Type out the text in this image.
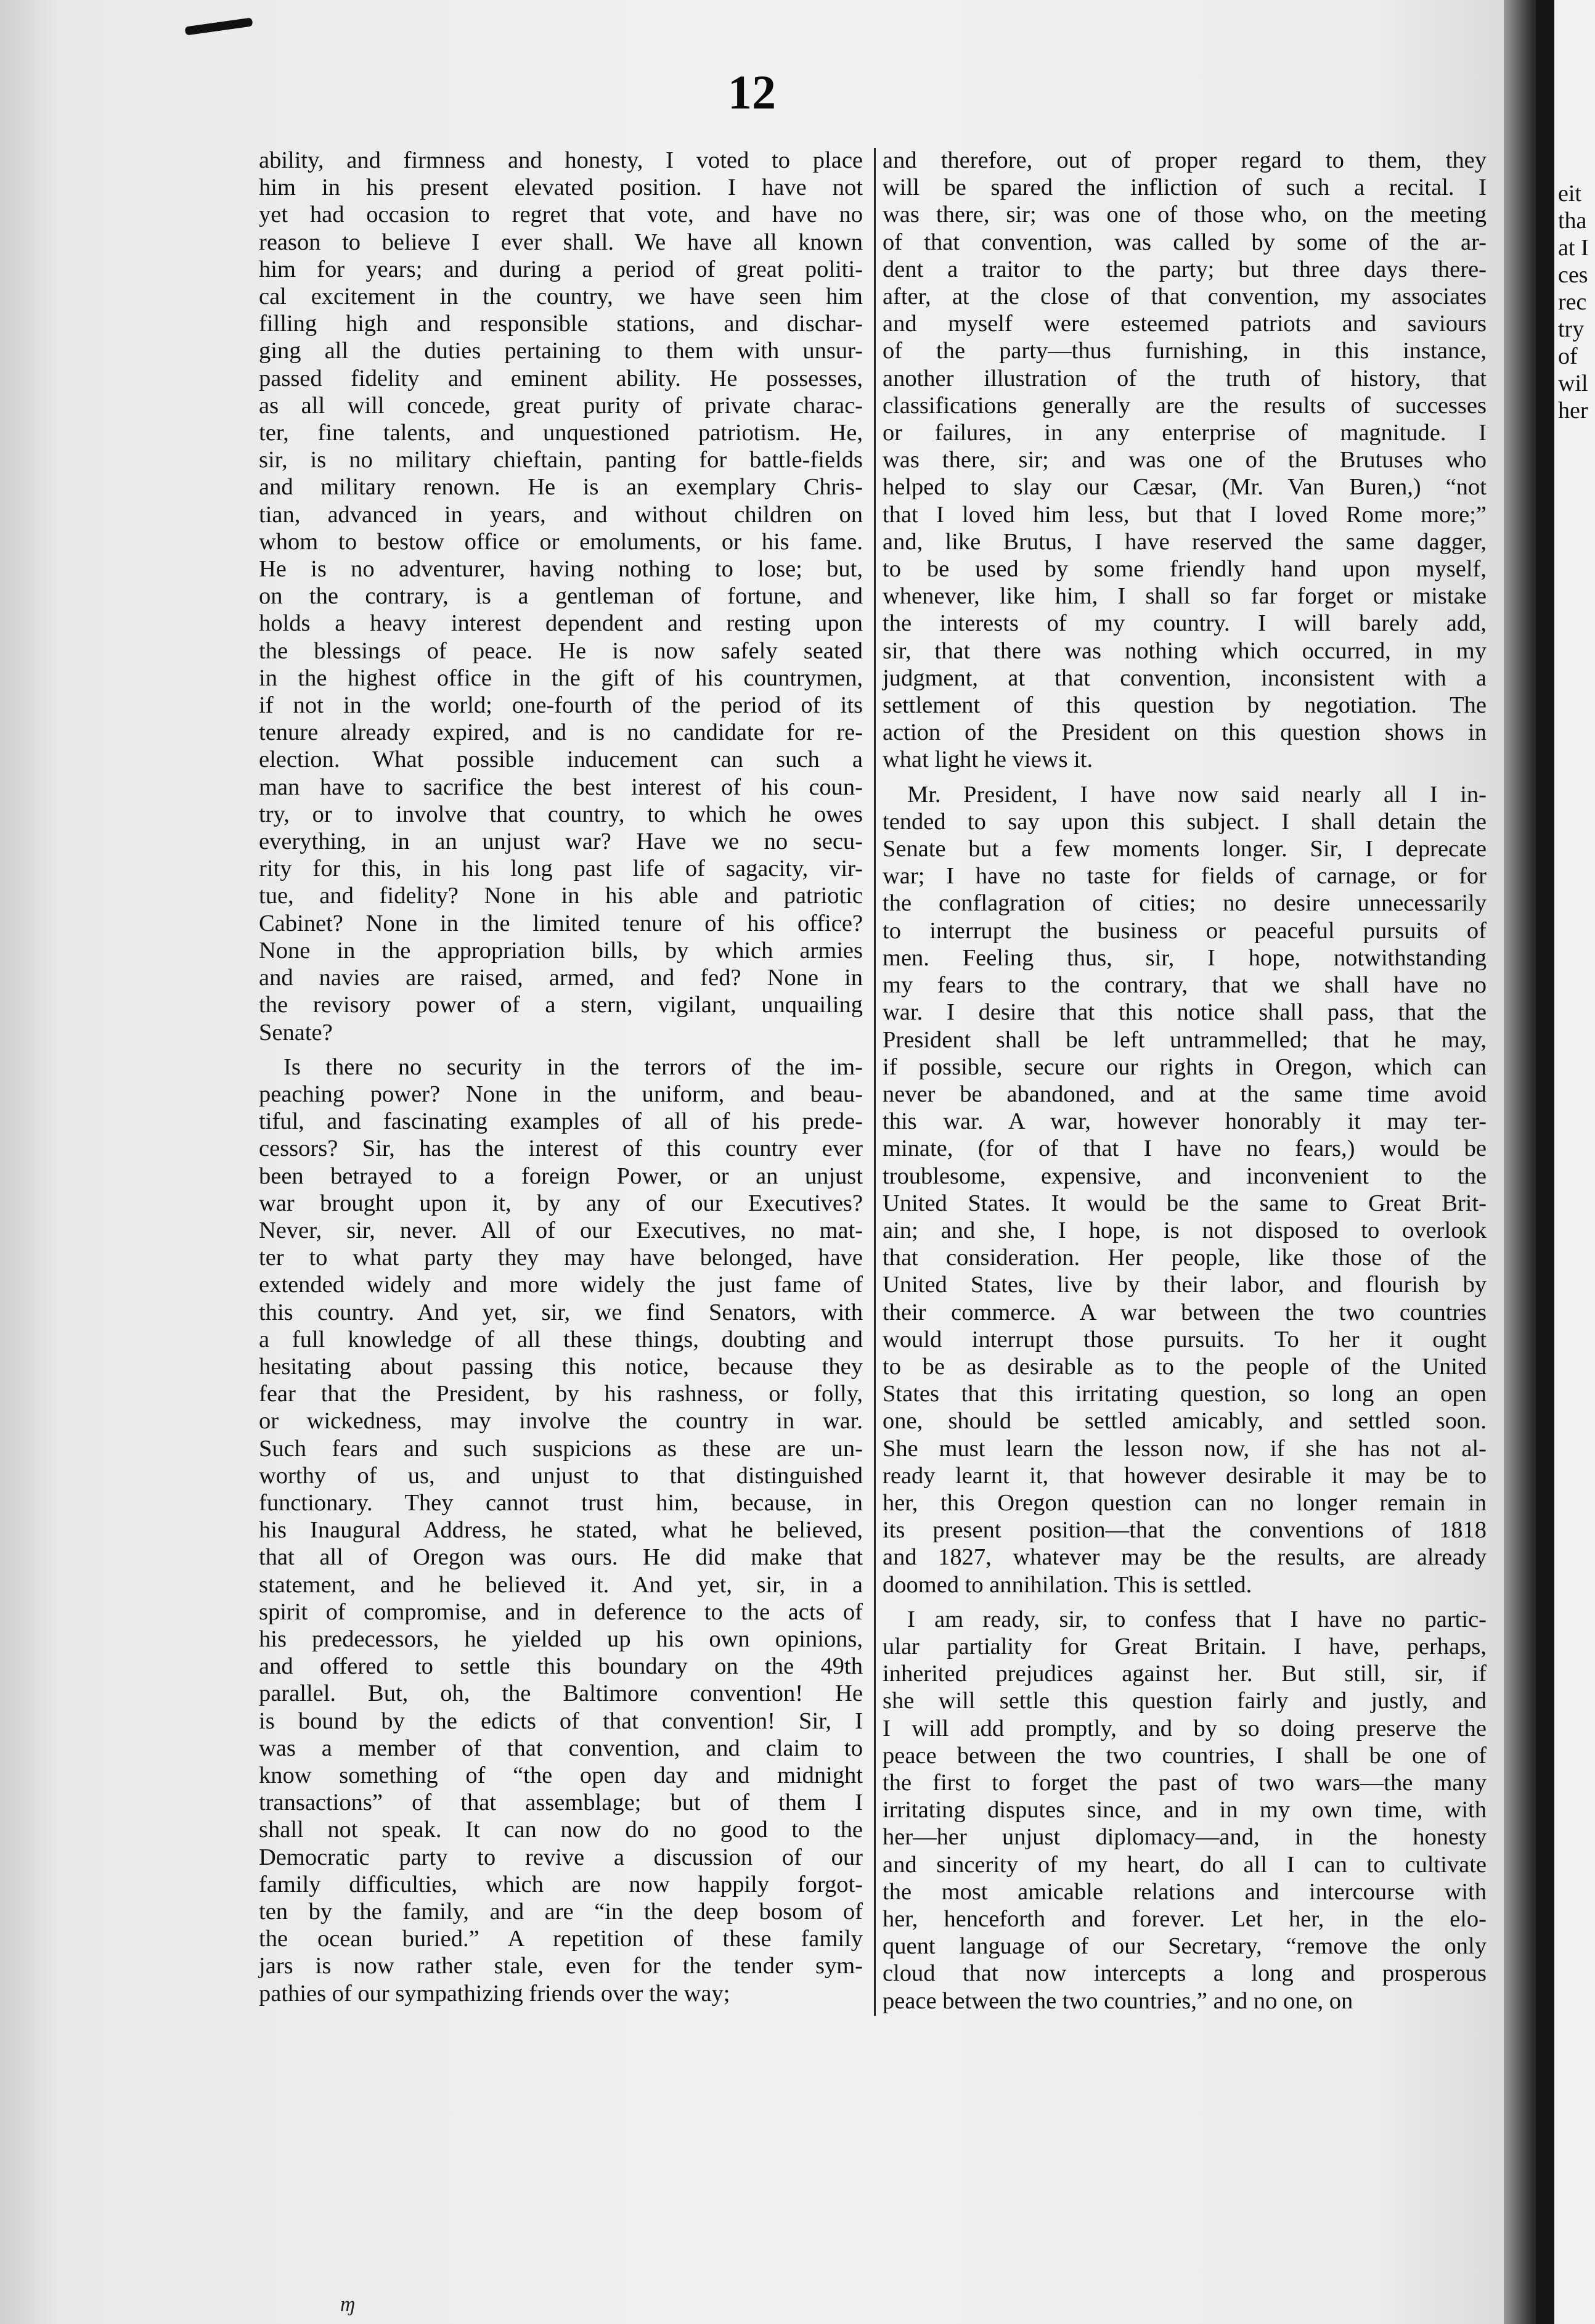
eit
tha
at I
ces
rec
try
of
wil
her
12

ability, and firmness and honesty, I voted to place

him in his present elevated position. I have not

yet had occasion to regret that vote, and have no

reason to believe I ever shall. We have all known

him for years; and during a period of great politi-

cal excitement in the country, we have seen him

filling high and responsible stations, and dischar-

ging all the duties pertaining to them with unsur-

passed fidelity and eminent ability. He possesses,

as all will concede, great purity of private charac-

ter, fine talents, and unquestioned patriotism. He,

sir, is no military chieftain, panting for battle-fields

and military renown. He is an exemplary Chris-

tian, advanced in years, and without children on

whom to bestow office or emoluments, or his fame.

He is no adventurer, having nothing to lose; but,

on the contrary, is a gentleman of fortune, and

holds a heavy interest dependent and resting upon

the blessings of peace. He is now safely seated

in the highest office in the gift of his countrymen,

if not in the world; one-fourth of the period of its

tenure already expired, and is no candidate for re-

election. What possible inducement can such a

man have to sacrifice the best interest of his coun-

try, or to involve that country, to which he owes

everything, in an unjust war? Have we no secu-

rity for this, in his long past life of sagacity, vir-

tue, and fidelity? None in his able and patriotic

Cabinet? None in the limited tenure of his office?

None in the appropriation bills, by which armies

and navies are raised, armed, and fed? None in

the revisory power of a stern, vigilant, unquailing

Senate?

Is there no security in the terrors of the im-

peaching power? None in the uniform, and beau-

tiful, and fascinating examples of all of his prede-

cessors? Sir, has the interest of this country ever

been betrayed to a foreign Power, or an unjust

war brought upon it, by any of our Executives?

Never, sir, never. All of our Executives, no mat-

ter to what party they may have belonged, have

extended widely and more widely the just fame of

this country. And yet, sir, we find Senators, with

a full knowledge of all these things, doubting and

hesitating about passing this notice, because they

fear that the President, by his rashness, or folly,

or wickedness, may involve the country in war.

Such fears and such suspicions as these are un-

worthy of us, and unjust to that distinguished

functionary. They cannot trust him, because, in

his Inaugural Address, he stated, what he believed,

that all of Oregon was ours. He did make that

statement, and he believed it. And yet, sir, in a

spirit of compromise, and in deference to the acts of

his predecessors, he yielded up his own opinions,

and offered to settle this boundary on the 49th

parallel. But, oh, the Baltimore convention! He

is bound by the edicts of that convention! Sir, I

was a member of that convention, and claim to

know something of “the open day and midnight

transactions” of that assemblage; but of them I

shall not speak. It can now do no good to the

Democratic party to revive a discussion of our

family difficulties, which are now happily forgot-

ten by the family, and are “in the deep bosom of

the ocean buried.” A repetition of these family

jars is now rather stale, even for the tender sym-

pathies of our sympathizing friends over the way;

and therefore, out of proper regard to them, they

will be spared the infliction of such a recital. I

was there, sir; was one of those who, on the meeting

of that convention, was called by some of the ar-

dent a traitor to the party; but three days there-

after, at the close of that convention, my associates

and myself were esteemed patriots and saviours

of the party—thus furnishing, in this instance,

another illustration of the truth of history, that

classifications generally are the results of successes

or failures, in any enterprise of magnitude. I

was there, sir; and was one of the Brutuses who

helped to slay our Cæsar, (Mr. Van Buren,) “not

that I loved him less, but that I loved Rome more;”

and, like Brutus, I have reserved the same dagger,

to be used by some friendly hand upon myself,

whenever, like him, I shall so far forget or mistake

the interests of my country. I will barely add,

sir, that there was nothing which occurred, in my

judgment, at that convention, inconsistent with a

settlement of this question by negotiation. The

action of the President on this question shows in

what light he views it.

Mr. President, I have now said nearly all I in-

tended to say upon this subject. I shall detain the

Senate but a few moments longer. Sir, I deprecate

war; I have no taste for fields of carnage, or for

the conflagration of cities; no desire unnecessarily

to interrupt the business or peaceful pursuits of

men. Feeling thus, sir, I hope, notwithstanding

my fears to the contrary, that we shall have no

war. I desire that this notice shall pass, that the

President shall be left untrammelled; that he may,

if possible, secure our rights in Oregon, which can

never be abandoned, and at the same time avoid

this war. A war, however honorably it may ter-

minate, (for of that I have no fears,) would be

troublesome, expensive, and inconvenient to the

United States. It would be the same to Great Brit-

ain; and she, I hope, is not disposed to overlook

that consideration. Her people, like those of the

United States, live by their labor, and flourish by

their commerce. A war between the two countries

would interrupt those pursuits. To her it ought

to be as desirable as to the people of the United

States that this irritating question, so long an open

one, should be settled amicably, and settled soon.

She must learn the lesson now, if she has not al-

ready learnt it, that however desirable it may be to

her, this Oregon question can no longer remain in

its present position—that the conventions of 1818

and 1827, whatever may be the results, are already

doomed to annihilation. This is settled.

I am ready, sir, to confess that I have no partic-

ular partiality for Great Britain. I have, perhaps,

inherited prejudices against her. But still, sir, if

she will settle this question fairly and justly, and

I will add promptly, and by so doing preserve the

peace between the two countries, I shall be one of

the first to forget the past of two wars—the many

irritating disputes since, and in my own time, with

her—her unjust diplomacy—and, in the honesty

and sincerity of my heart, do all I can to cultivate

the most amicable relations and intercourse with

her, henceforth and forever. Let her, in the elo-

quent language of our Secretary, “remove the only

cloud that now intercepts a long and prosperous

peace between the two countries,” and no one, on

ɱ
